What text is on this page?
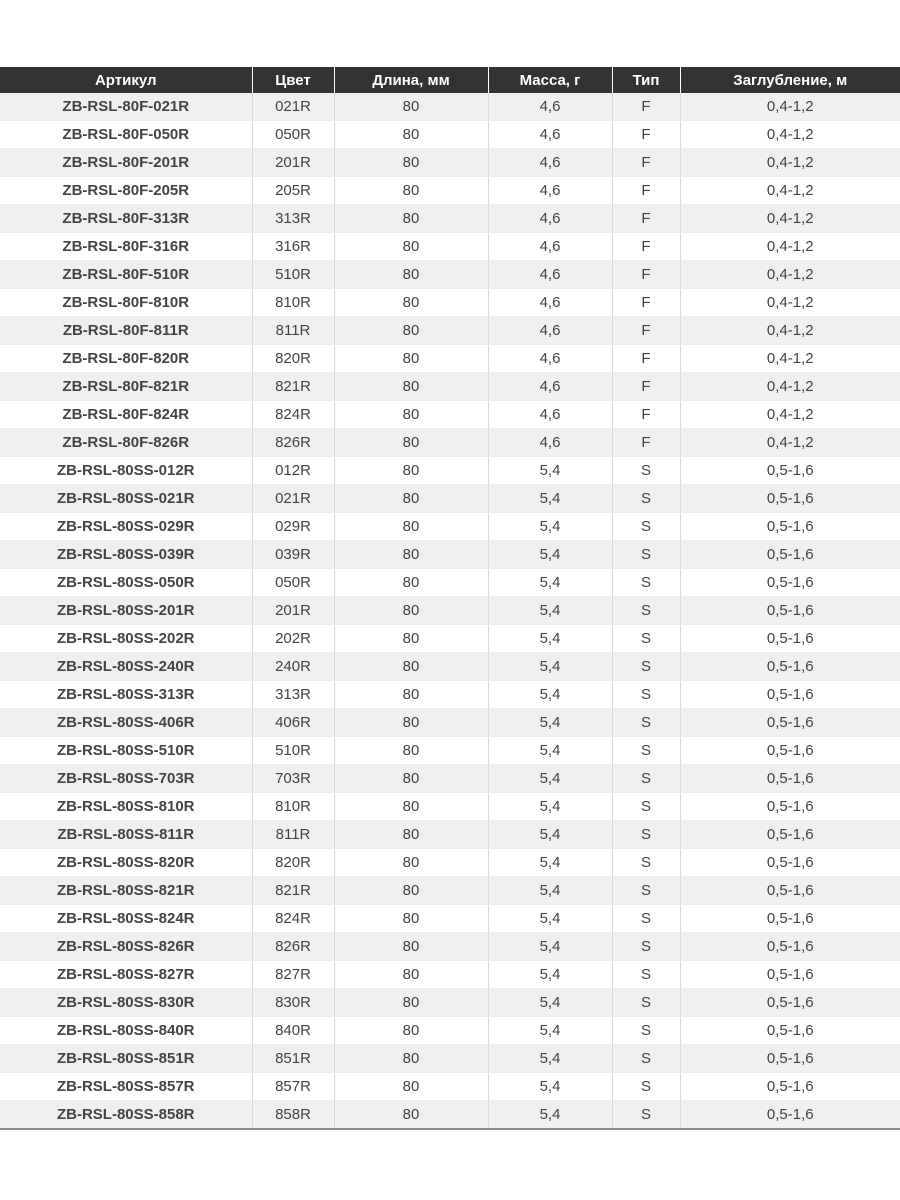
Артикул	Цвет	Длина, мм	Масса, г	Тип	Заглубление, м
ZB-RSL-80F-021R	021R	80	4,6	F	0,4-1,2
ZB-RSL-80F-050R	050R	80	4,6	F	0,4-1,2
ZB-RSL-80F-201R	201R	80	4,6	F	0,4-1,2
ZB-RSL-80F-205R	205R	80	4,6	F	0,4-1,2
ZB-RSL-80F-313R	313R	80	4,6	F	0,4-1,2
ZB-RSL-80F-316R	316R	80	4,6	F	0,4-1,2
ZB-RSL-80F-510R	510R	80	4,6	F	0,4-1,2
ZB-RSL-80F-810R	810R	80	4,6	F	0,4-1,2
ZB-RSL-80F-811R	811R	80	4,6	F	0,4-1,2
ZB-RSL-80F-820R	820R	80	4,6	F	0,4-1,2
ZB-RSL-80F-821R	821R	80	4,6	F	0,4-1,2
ZB-RSL-80F-824R	824R	80	4,6	F	0,4-1,2
ZB-RSL-80F-826R	826R	80	4,6	F	0,4-1,2
ZB-RSL-80SS-012R	012R	80	5,4	S	0,5-1,6
ZB-RSL-80SS-021R	021R	80	5,4	S	0,5-1,6
ZB-RSL-80SS-029R	029R	80	5,4	S	0,5-1,6
ZB-RSL-80SS-039R	039R	80	5,4	S	0,5-1,6
ZB-RSL-80SS-050R	050R	80	5,4	S	0,5-1,6
ZB-RSL-80SS-201R	201R	80	5,4	S	0,5-1,6
ZB-RSL-80SS-202R	202R	80	5,4	S	0,5-1,6
ZB-RSL-80SS-240R	240R	80	5,4	S	0,5-1,6
ZB-RSL-80SS-313R	313R	80	5,4	S	0,5-1,6
ZB-RSL-80SS-406R	406R	80	5,4	S	0,5-1,6
ZB-RSL-80SS-510R	510R	80	5,4	S	0,5-1,6
ZB-RSL-80SS-703R	703R	80	5,4	S	0,5-1,6
ZB-RSL-80SS-810R	810R	80	5,4	S	0,5-1,6
ZB-RSL-80SS-811R	811R	80	5,4	S	0,5-1,6
ZB-RSL-80SS-820R	820R	80	5,4	S	0,5-1,6
ZB-RSL-80SS-821R	821R	80	5,4	S	0,5-1,6
ZB-RSL-80SS-824R	824R	80	5,4	S	0,5-1,6
ZB-RSL-80SS-826R	826R	80	5,4	S	0,5-1,6
ZB-RSL-80SS-827R	827R	80	5,4	S	0,5-1,6
ZB-RSL-80SS-830R	830R	80	5,4	S	0,5-1,6
ZB-RSL-80SS-840R	840R	80	5,4	S	0,5-1,6
ZB-RSL-80SS-851R	851R	80	5,4	S	0,5-1,6
ZB-RSL-80SS-857R	857R	80	5,4	S	0,5-1,6
ZB-RSL-80SS-858R	858R	80	5,4	S	0,5-1,6
